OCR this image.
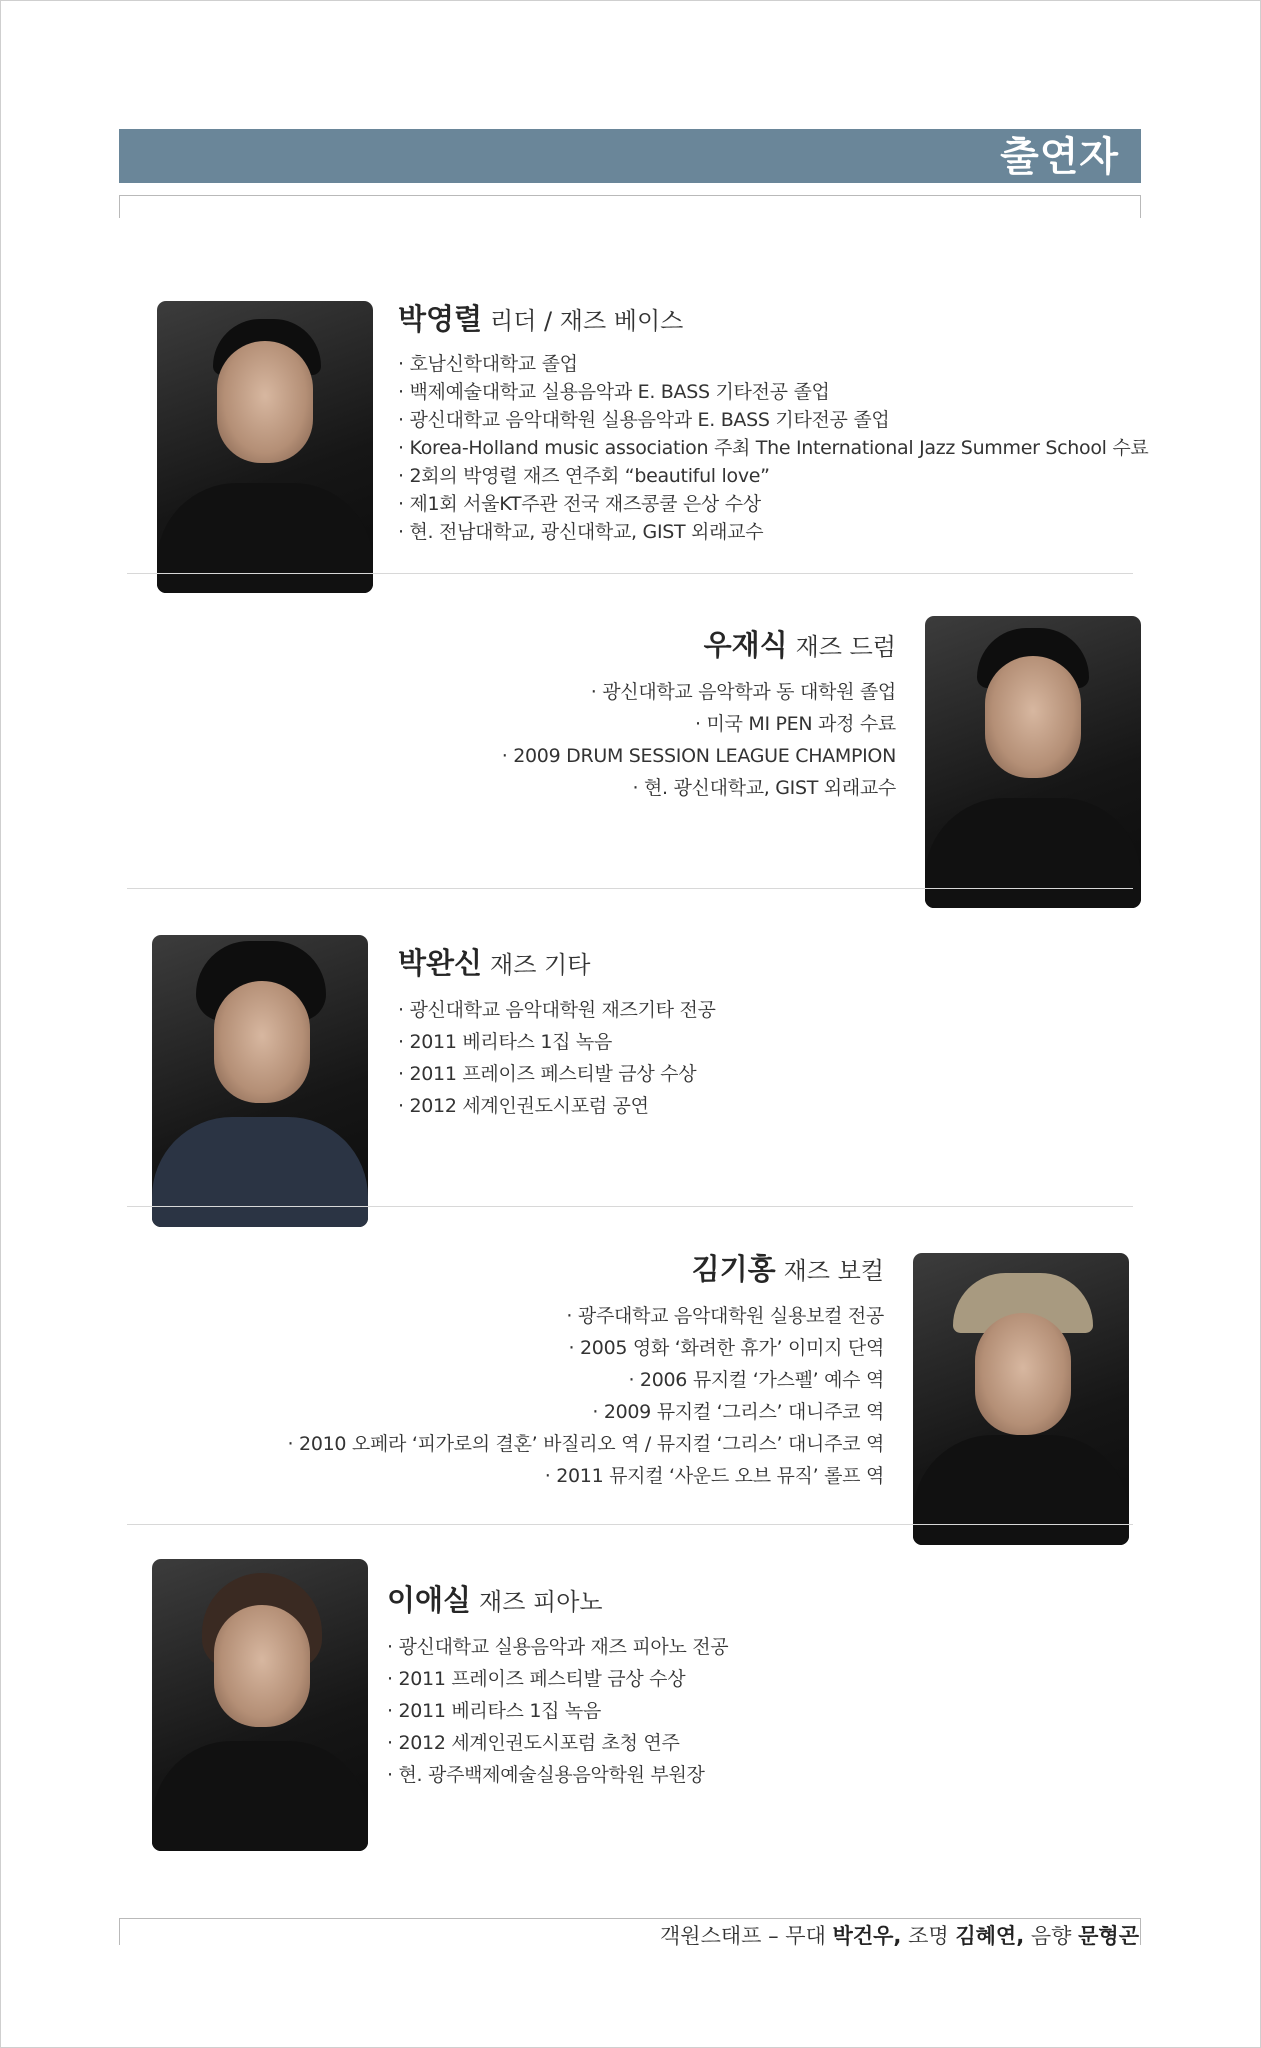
출연자
박영렬 리더 / 재즈 베이스
· 호남신학대학교 졸업
· 백제예술대학교 실용음악과 E. BASS 기타전공 졸업
· 광신대학교 음악대학원 실용음악과 E. BASS 기타전공 졸업
· Korea-Holland music association 주최 The International Jazz Summer School 수료
· 2회의 박영렬 재즈 연주회 “beautiful love”
· 제1회 서울KT주관 전국 재즈콩쿨 은상 수상
· 현. 전남대학교, 광신대학교, GIST 외래교수
우재식 재즈 드럼
· 광신대학교 음악학과 동 대학원 졸업
· 미국 MI PEN 과정 수료
· 2009 DRUM SESSION LEAGUE CHAMPION
· 현. 광신대학교, GIST 외래교수
박완신 재즈 기타
· 광신대학교 음악대학원 재즈기타 전공
· 2011 베리타스 1집 녹음
· 2011 프레이즈 페스티발 금상 수상
· 2012 세계인권도시포럼 공연
김기홍 재즈 보컬
· 광주대학교 음악대학원 실용보컬 전공
· 2005 영화 ‘화려한 휴가’ 이미지 단역
· 2006 뮤지컬 ‘가스펠’ 예수 역
· 2009 뮤지컬 ‘그리스’ 대니주코 역
· 2010 오페라 ‘피가로의 결혼’ 바질리오 역 / 뮤지컬 ‘그리스’ 대니주코 역
· 2011 뮤지컬 ‘사운드 오브 뮤직’ 롤프 역
이애실 재즈 피아노
· 광신대학교 실용음악과 재즈 피아노 전공
· 2011 프레이즈 페스티발 금상 수상
· 2011 베리타스 1집 녹음
· 2012 세계인권도시포럼 초청 연주
· 현. 광주백제예술실용음악학원 부원장
객원스태프 – 무대 박건우, 조명 김혜연, 음향 문형곤
